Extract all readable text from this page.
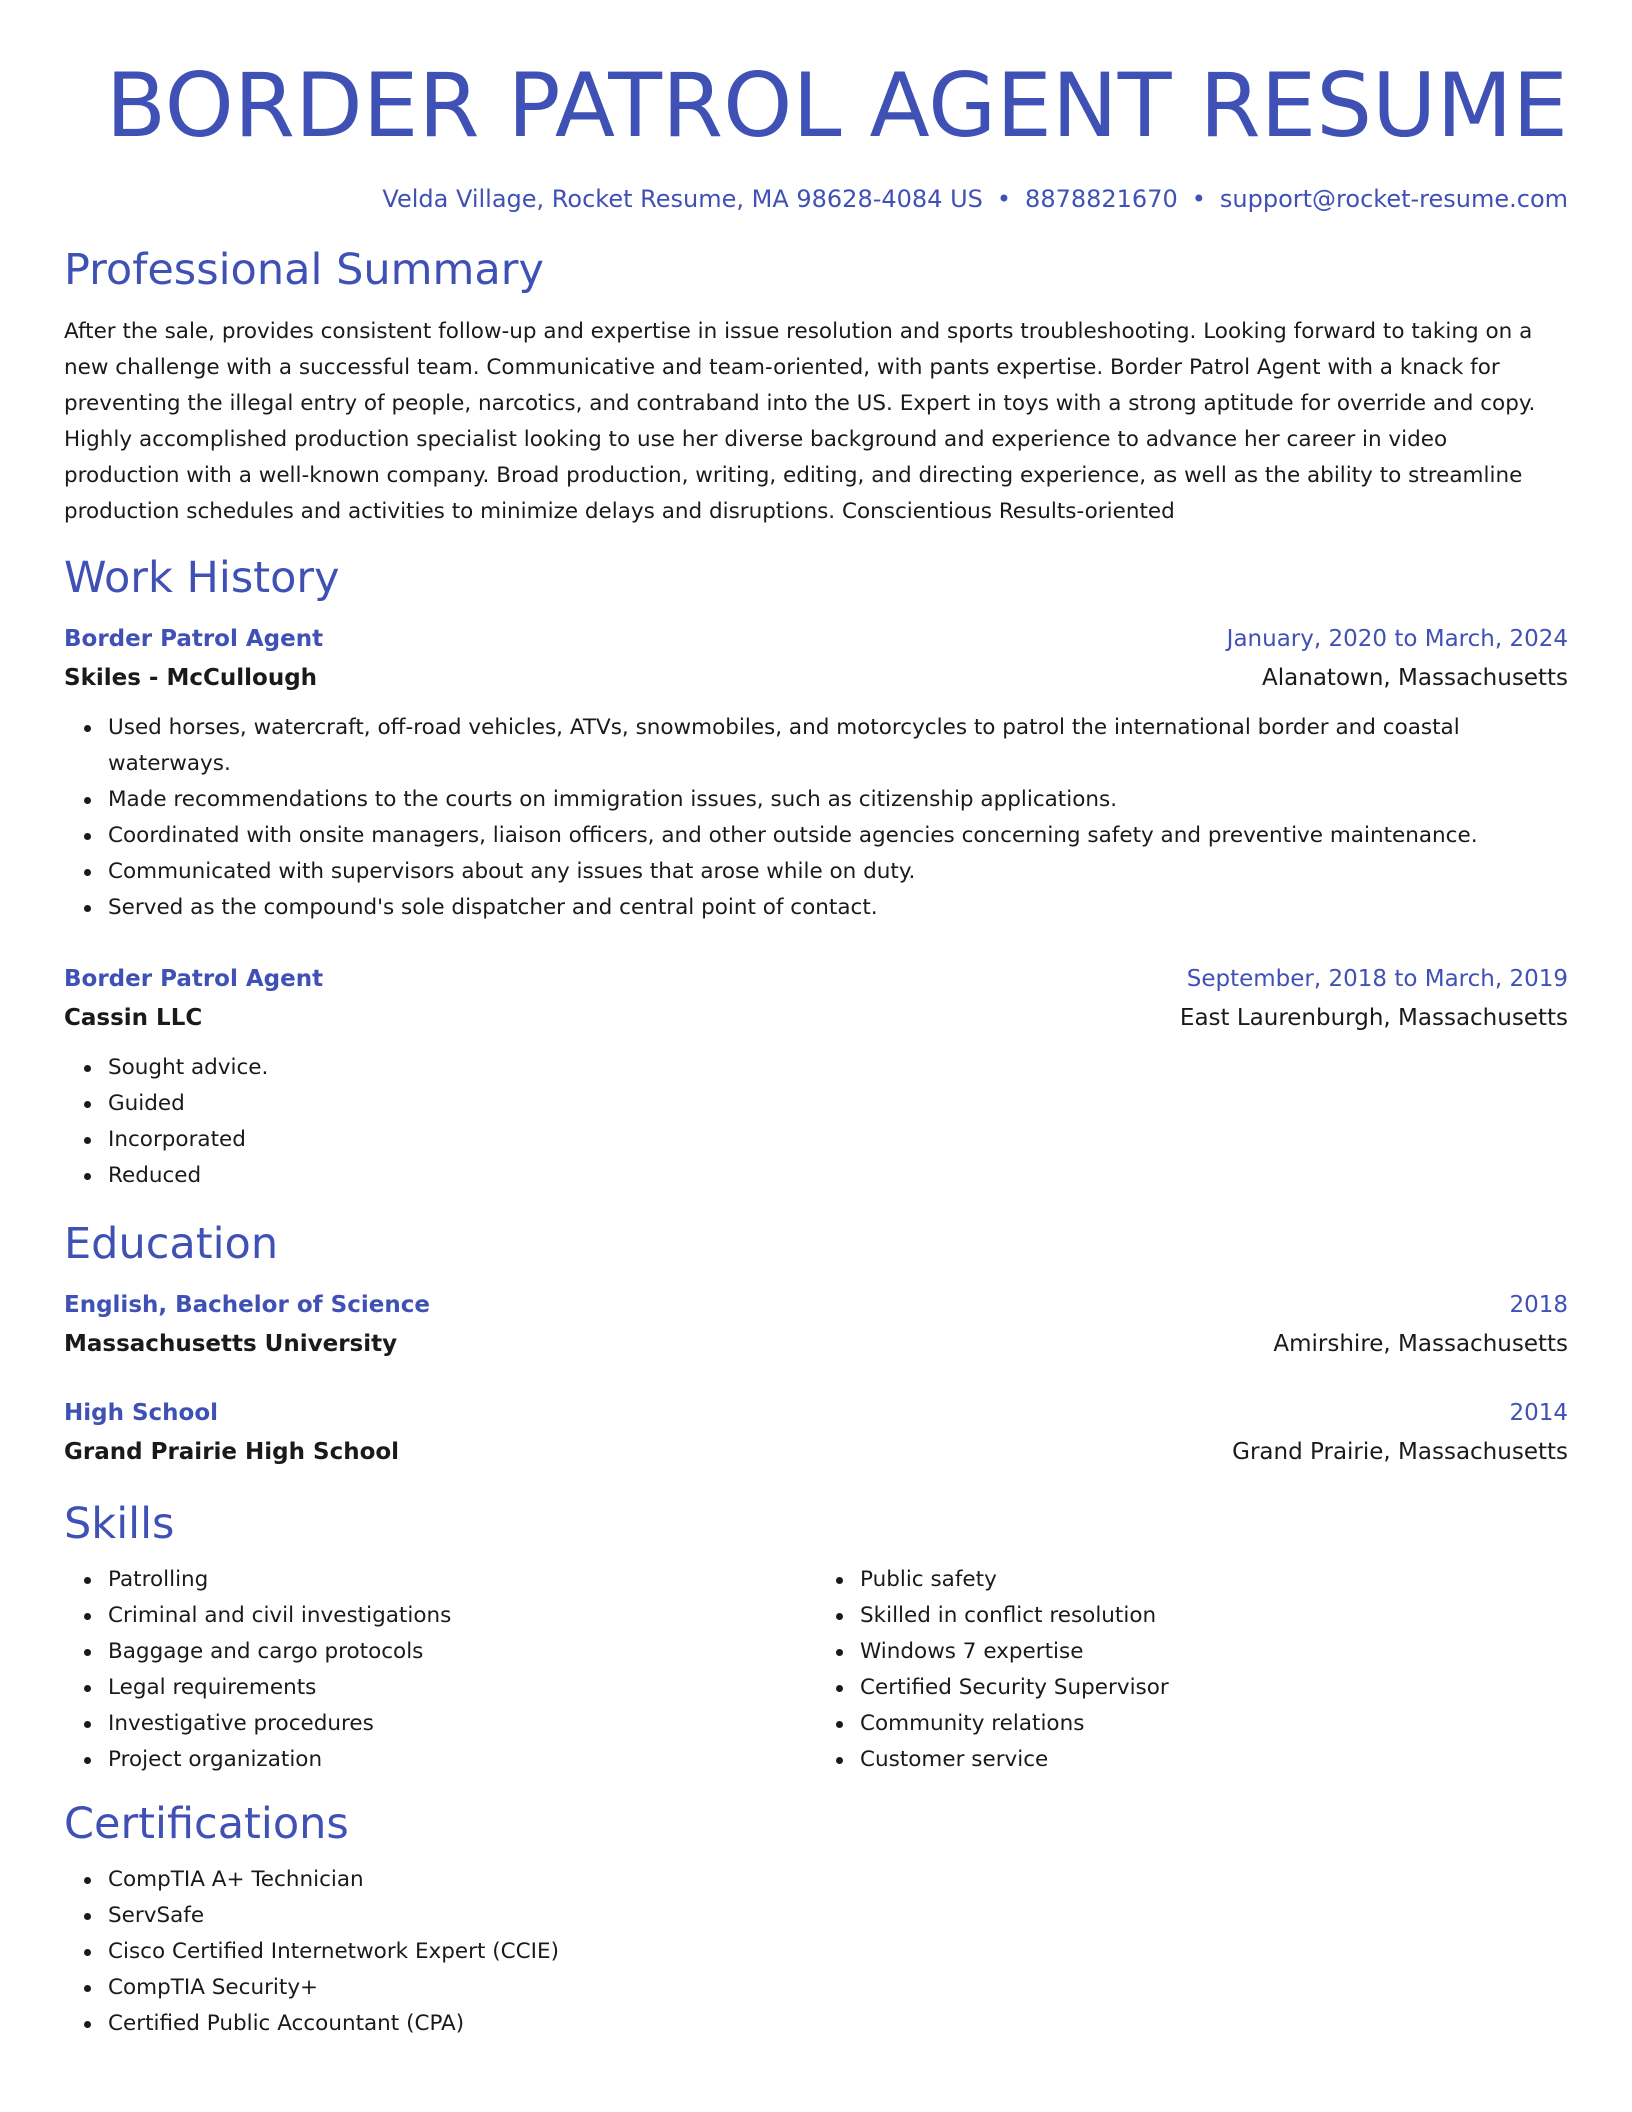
BORDER PATROL AGENT RESUME
Velda Village, Rocket Resume, MA 98628-4084 US • 8878821670 • support@rocket-resume.com
Professional Summary
After the sale, provides consistent follow-up and expertise in issue resolution and sports troubleshooting. Looking forward to taking on a new challenge with a successful team. Communicative and team-oriented, with pants expertise. Border Patrol Agent with a knack for preventing the illegal entry of people, narcotics, and contraband into the US. Expert in toys with a strong aptitude for override and copy. Highly accomplished production specialist looking to use her diverse background and experience to advance her career in video production with a well-known company. Broad production, writing, editing, and directing experience, as well as the ability to streamline production schedules and activities to minimize delays and disruptions. Conscientious Results-oriented
Work History
Border Patrol Agent	January, 2020 to March, 2024
Skiles - McCullough	Alanatown, Massachusetts
Used horses, watercraft, off-road vehicles, ATVs, snowmobiles, and motorcycles to patrol the international border and coastal waterways.
Made recommendations to the courts on immigration issues, such as citizenship applications.
Coordinated with onsite managers, liaison officers, and other outside agencies concerning safety and preventive maintenance.
Communicated with supervisors about any issues that arose while on duty.
Served as the compound's sole dispatcher and central point of contact.
Border Patrol Agent	September, 2018 to March, 2019
Cassin LLC	East Laurenburgh, Massachusetts
Sought advice.
Guided
Incorporated
Reduced
Education
English, Bachelor of Science	2018
Massachusetts University	Amirshire, Massachusetts
High School	2014
Grand Prairie High School	Grand Prairie, Massachusetts
Skills
Patrolling
Criminal and civil investigations
Baggage and cargo protocols
Legal requirements
Investigative procedures
Project organization
Public safety
Skilled in conflict resolution
Windows 7 expertise
Certified Security Supervisor
Community relations
Customer service
Certifications
CompTIA A+ Technician
ServSafe
Cisco Certified Internetwork Expert (CCIE)
CompTIA Security+
Certified Public Accountant (CPA)
